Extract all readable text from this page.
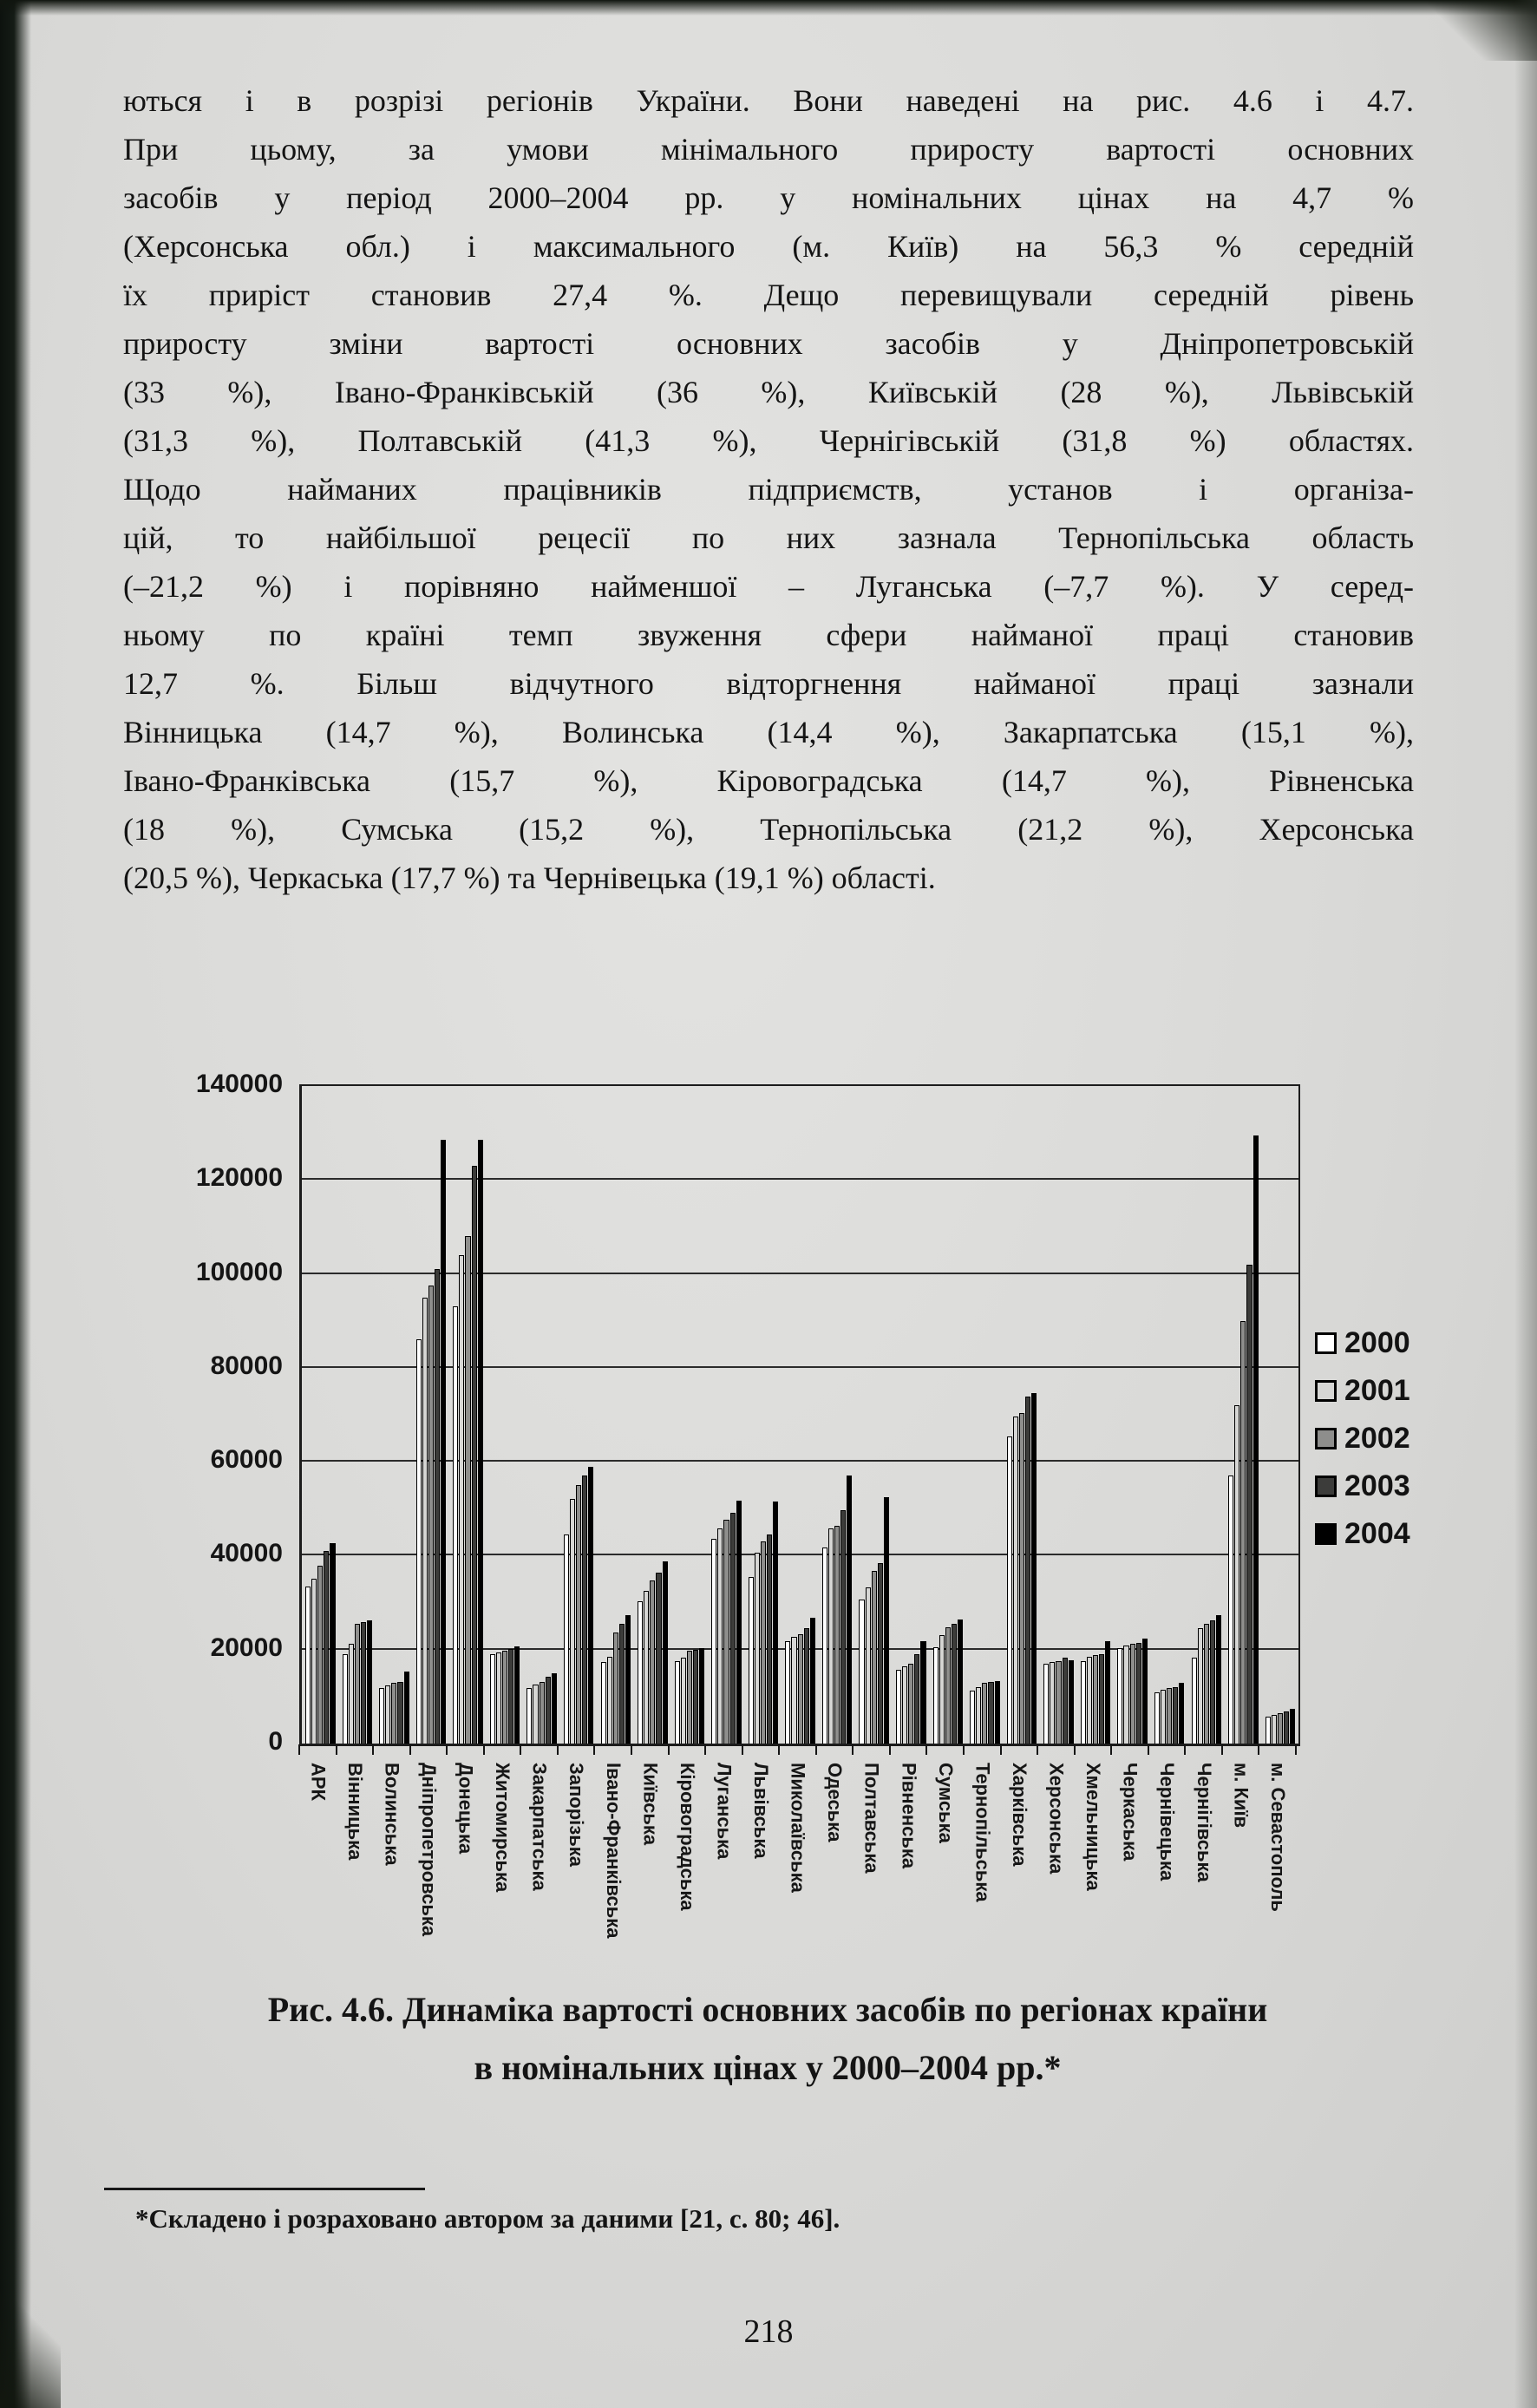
ються і в розрізі регіонів України. Вони наведені на рис. 4.6 і 4.7.
При цьому, за умови мінімального приросту вартості основних
засобів у період 2000–2004 рр. у номінальних цінах на 4,7 %
(Херсонська обл.) і максимального (м. Київ) на 56,3 % середній
їх приріст становив 27,4 %. Дещо перевищували середній рівень
приросту зміни вартості основних засобів у Дніпропетровській
(33 %), Івано-Франківській (36 %), Київській (28 %), Львівській
(31,3 %), Полтавській (41,3 %), Чернігівській (31,8 %) областях.
Щодо найманих працівників підприємств, установ і організа-
цій, то найбільшої рецесії по них зазнала Тернопільська область
(–21,2 %) і порівняно найменшої – Луганська (–7,7 %). У серед-
ньому по країні темп звуження сфери найманої праці становив
12,7 %. Більш відчутного відторгнення найманої праці зазнали
Вінницька (14,7 %), Волинська (14,4 %), Закарпатська (15,1 %),
Івано-Франківська (15,7 %), Кіровоградська (14,7 %), Рівненська
(18 %), Сумська (15,2 %), Тернопільська (21,2 %), Херсонська
(20,5 %), Черкаська (17,7 %) та Чернівецька (19,1 %) області.
0
20000
40000
60000
80000
100000
120000
140000
АРК Вінницька Волинська Дніпропетровська Донецька Житомирська Закарпатська Запорізька Івано-Франківська Київська Кіровоградська Луганська Львівська Миколаївська Одеська Полтавська Рівненська Сумська Тернопільська Харківська Херсонська Хмельницька Черкаська Чернівецька Чернігівська м. Київ м. Севастополь
2000
2001
2002
2003
2004
Рис. 4.6. Динаміка вартості основних засобів по регіонах країни
в номінальних цінах у 2000–2004 рр.*
*Складено і розраховано автором за даними [21, с. 80; 46].
218
